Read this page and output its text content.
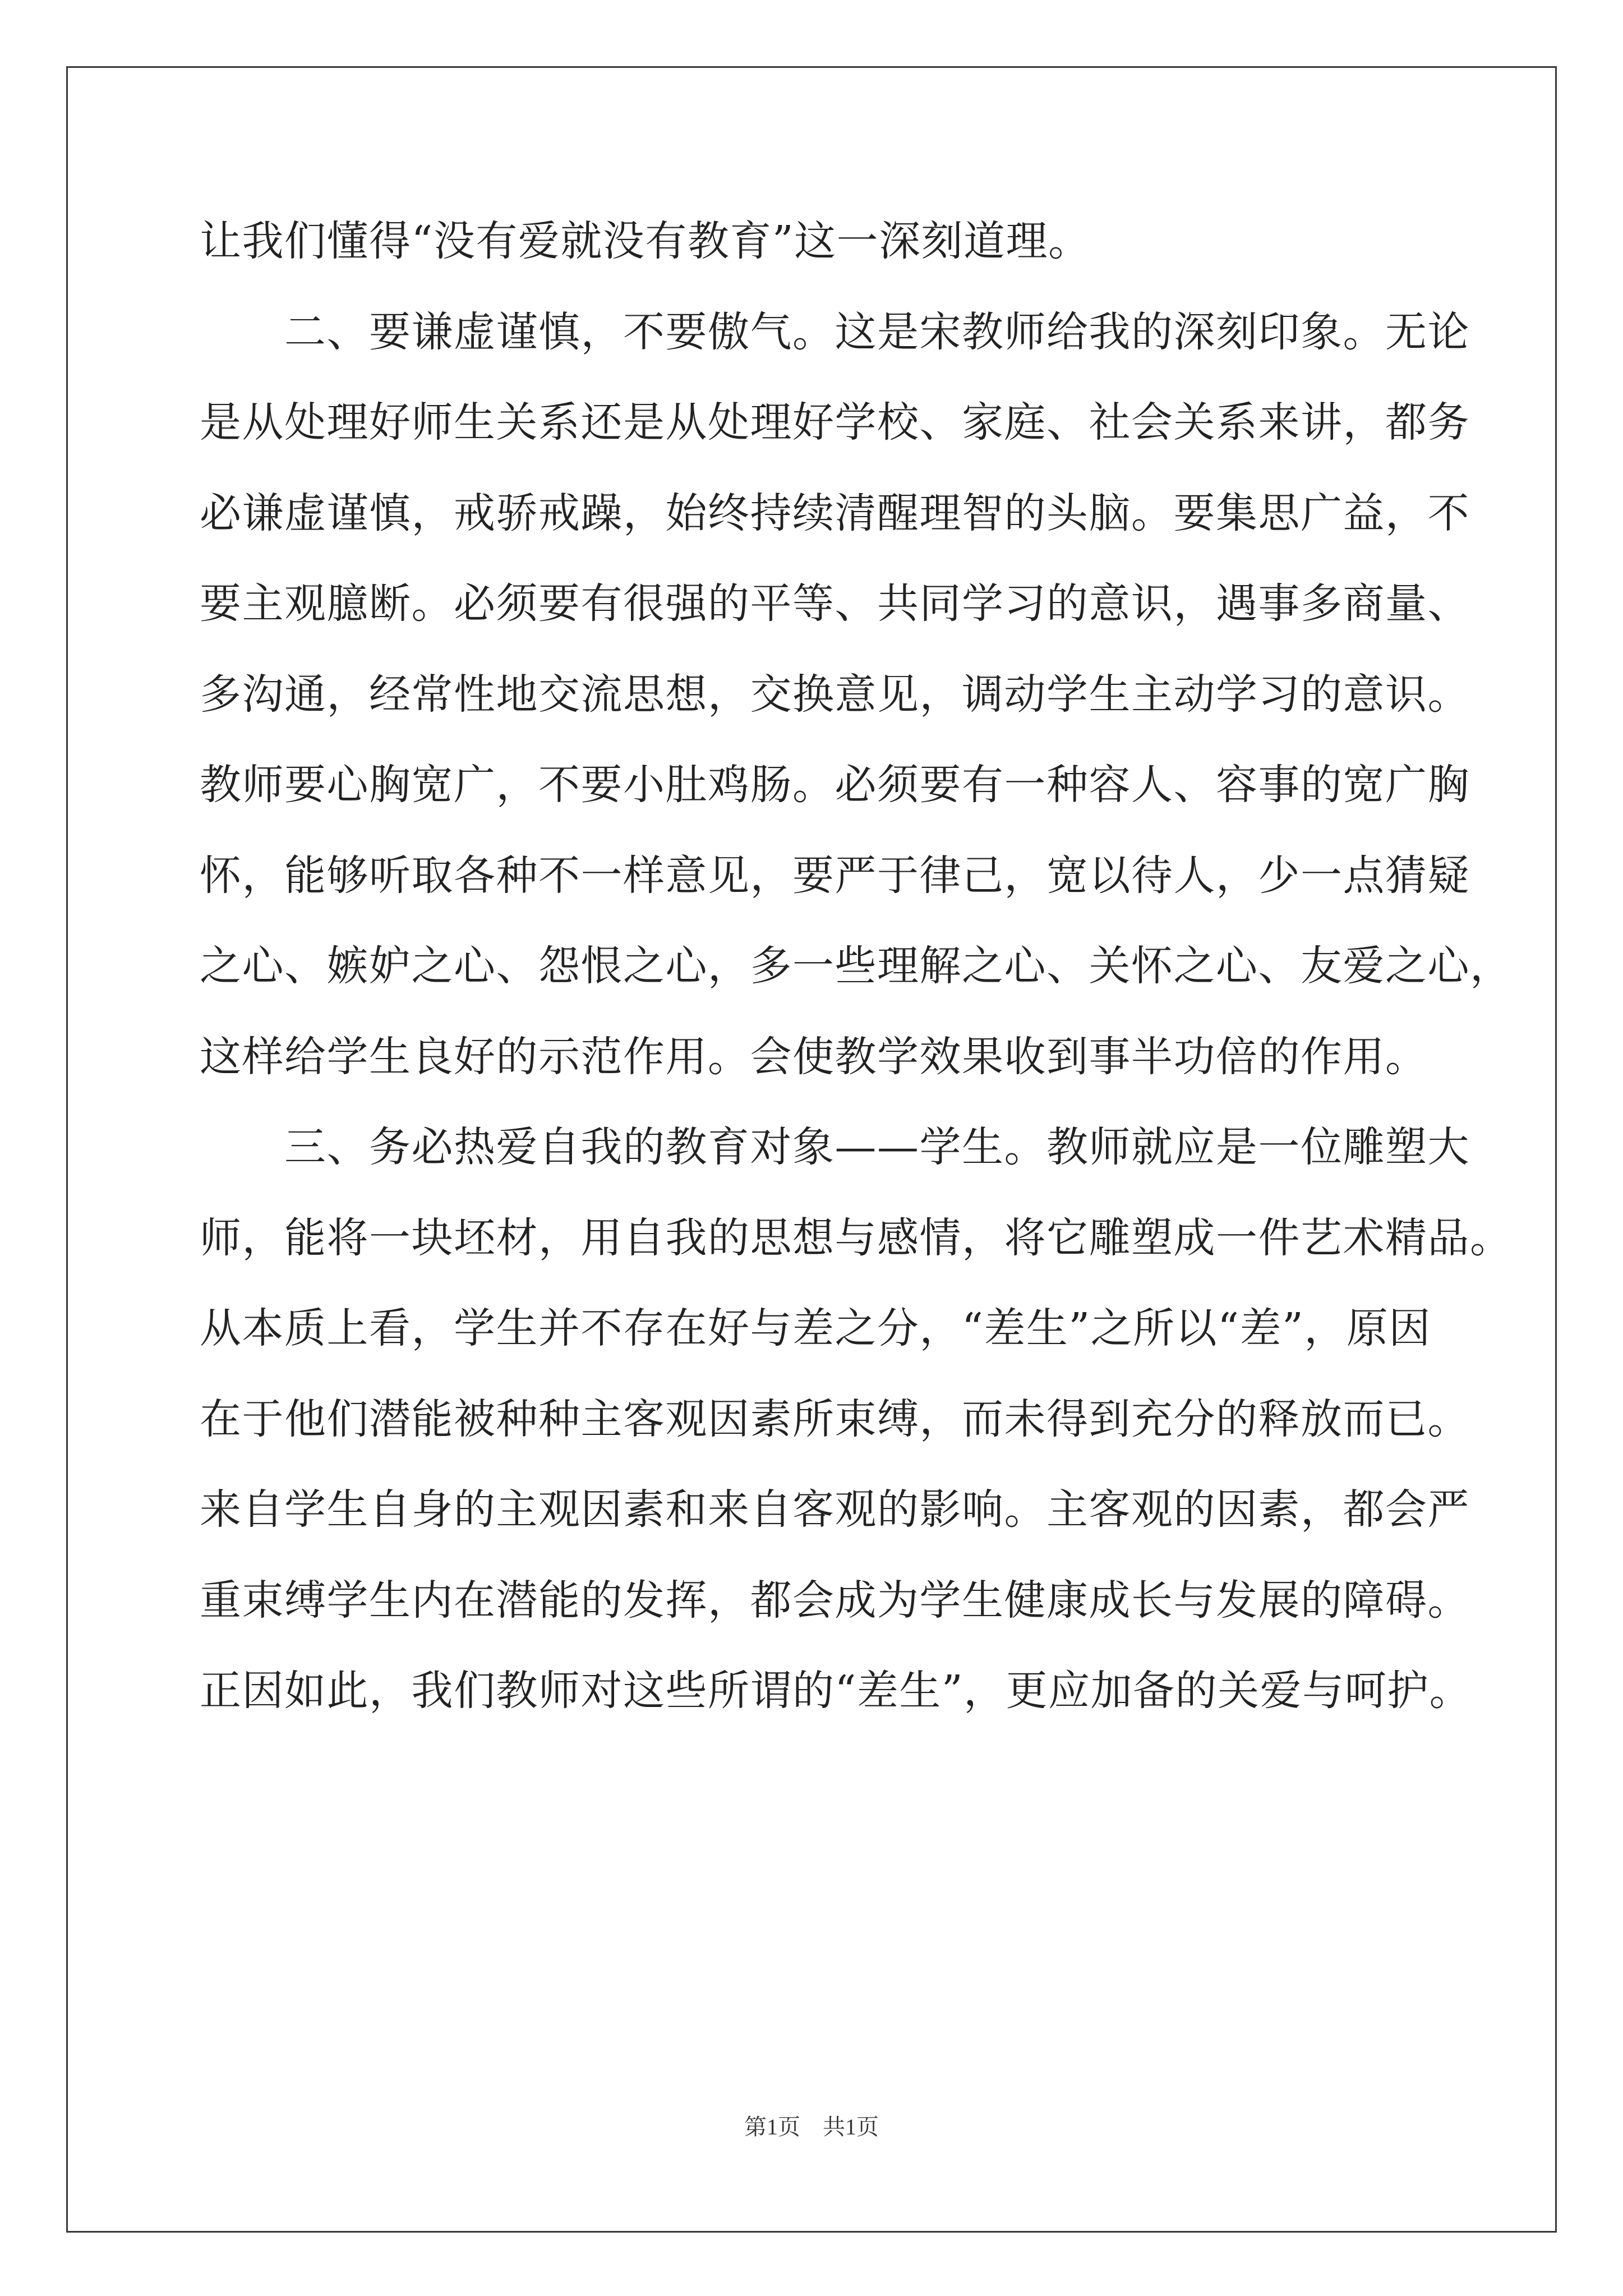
让我们懂得“没有爱就没有教育”这一深刻道理。
　　二、要谦虚谨慎，不要傲气。这是宋教师给我的深刻印象。无论
是从处理好师生关系还是从处理好学校、家庭、社会关系来讲，都务
必谦虚谨慎，戒骄戒躁，始终持续清醒理智的头脑。要集思广益，不
要主观臆断。必须要有很强的平等、共同学习的意识，遇事多商量、
多沟通，经常性地交流思想，交换意见，调动学生主动学习的意识。
教师要心胸宽广，不要小肚鸡肠。必须要有一种容人、容事的宽广胸
怀，能够听取各种不一样意见，要严于律己，宽以待人，少一点猜疑
之心、嫉妒之心、怨恨之心，多一些理解之心、关怀之心、友爱之心，
这样给学生良好的示范作用。会使教学效果收到事半功倍的作用。
　　三、务必热爱自我的教育对象——学生。教师就应是一位雕塑大
师，能将一块坯材，用自我的思想与感情，将它雕塑成一件艺术精品。
从本质上看，学生并不存在好与差之分，“差生”之所以“差”，原因
在于他们潜能被种种主客观因素所束缚，而未得到充分的释放而已。
来自学生自身的主观因素和来自客观的影响。主客观的因素，都会严
重束缚学生内在潜能的发挥，都会成为学生健康成长与发展的障碍。
正因如此，我们教师对这些所谓的“差生”，更应加备的关爱与呵护。
第1页　共1页
